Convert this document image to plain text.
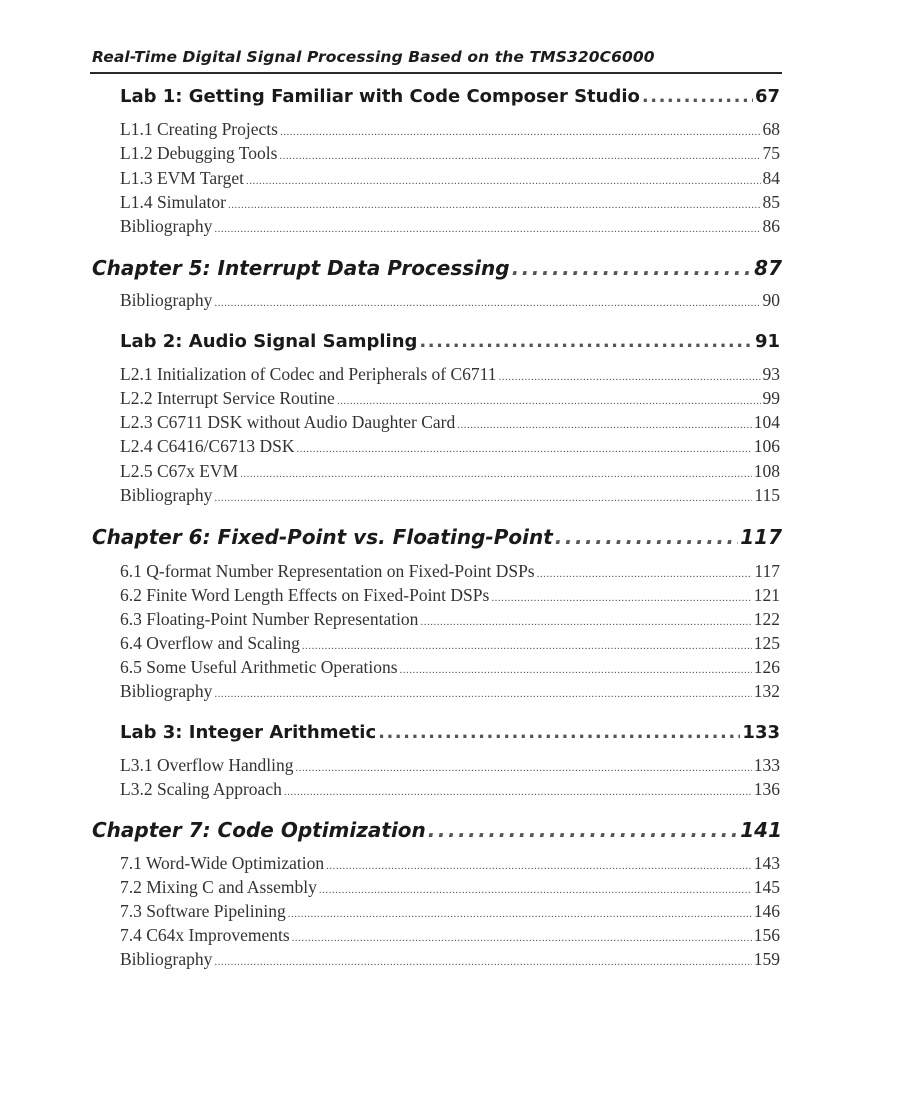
Real-Time Digital Signal Processing Based on the TMS320C6000
Lab 1: Getting Familiar with Code Composer Studio .....	67
L1.1 Creating Projects .....	68
L1.2 Debugging Tools .....	75
L1.3 EVM Target .....	84
L1.4 Simulator .....	85
Bibliography .....	86
Chapter 5: Interrupt Data Processing .....	87
Bibliography .....	90
Lab 2: Audio Signal Sampling .....	91
L2.1 Initialization of Codec and Peripherals of C6711 .....	93
L2.2 Interrupt Service Routine .....	99
L2.3 C6711 DSK without Audio Daughter Card .....	104
L2.4 C6416/C6713 DSK .....	106
L2.5 C67x EVM .....	108
Bibliography .....	115
Chapter 6: Fixed-Point vs. Floating-Point .....	117
6.1 Q-format Number Representation on Fixed-Point DSPs .....	117
6.2 Finite Word Length Effects on Fixed-Point DSPs .....	121
6.3 Floating-Point Number Representation .....	122
6.4 Overflow and Scaling .....	125
6.5 Some Useful Arithmetic Operations .....	126
Bibliography .....	132
Lab 3: Integer Arithmetic .....	133
L3.1 Overflow Handling .....	133
L3.2 Scaling Approach .....	136
Chapter 7: Code Optimization .....	141
7.1 Word-Wide Optimization .....	143
7.2 Mixing C and Assembly .....	145
7.3 Software Pipelining .....	146
7.4 C64x Improvements .....	156
Bibliography .....	159
